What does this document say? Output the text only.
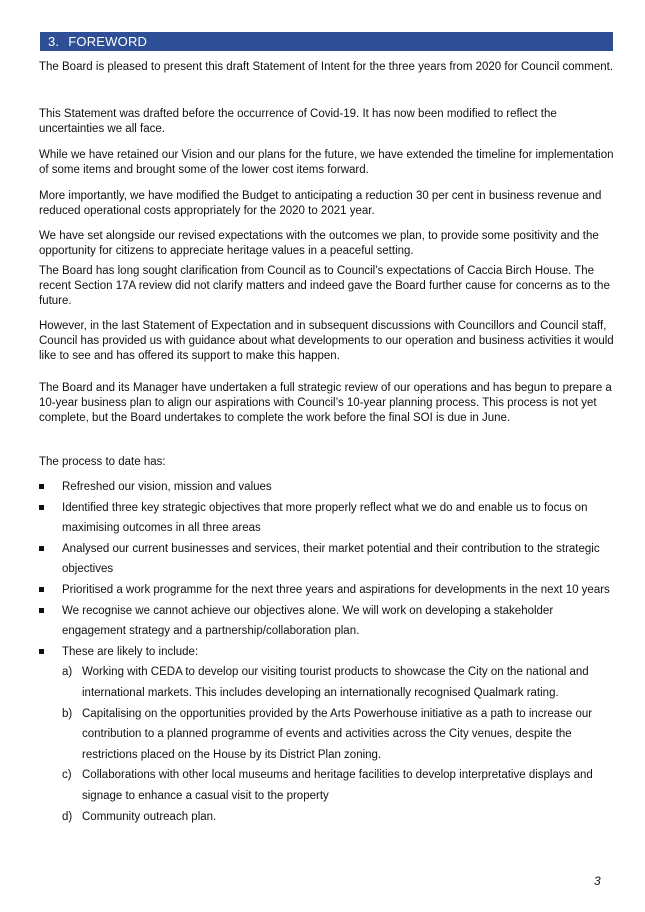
3. FOREWORD

The Board is pleased to present this draft Statement of Intent for the three years from 2020 for Council comment.

This Statement was drafted before the occurrence of Covid-19. It has now been modified to reflect the uncertainties we all face.

While we have retained our Vision and our plans for the future, we have extended the timeline for implementation of some items and brought some of the lower cost items forward.

More importantly, we have modified the Budget to anticipating a reduction 30 per cent in business revenue and reduced operational costs appropriately for the 2020 to 2021 year.

We have set alongside our revised expectations with the outcomes we plan, to provide some positivity and the opportunity for citizens to appreciate heritage values in a peaceful setting.

The Board has long sought clarification from Council as to Council’s expectations of Caccia Birch House. The recent Section 17A review did not clarify matters and indeed gave the Board further cause for concerns as to the future.

However, in the last Statement of Expectation and in subsequent discussions with Councillors and Council staff, Council has provided us with guidance about what developments to our operation and business activities it would like to see and has offered its support to make this happen.

The Board and its Manager have undertaken a full strategic review of our operations and has begun to prepare a 10-year business plan to align our aspirations with Council’s 10-year planning process. This process is not yet complete, but the Board undertakes to complete the work before the final SOI is due in June.

The process to date has:

Refreshed our vision, mission and values
Identified three key strategic objectives that more properly reflect what we do and enable us to focus on maximising outcomes in all three areas
Analysed our current businesses and services, their market potential and their contribution to the strategic objectives
Prioritised a work programme for the next three years and aspirations for developments in the next 10 years
We recognise we cannot achieve our objectives alone. We will work on developing a stakeholder engagement strategy and a partnership/collaboration plan.
These are likely to include:
a) Working with CEDA to develop our visiting tourist products to showcase the City on the national and international markets. This includes developing an internationally recognised Qualmark rating.
b) Capitalising on the opportunities provided by the Arts Powerhouse initiative as a path to increase our contribution to a planned programme of events and activities across the City venues, despite the restrictions placed on the House by its District Plan zoning.
c) Collaborations with other local museums and heritage facilities to develop interpretative displays and signage to enhance a casual visit to the property
d) Community outreach plan.
3
